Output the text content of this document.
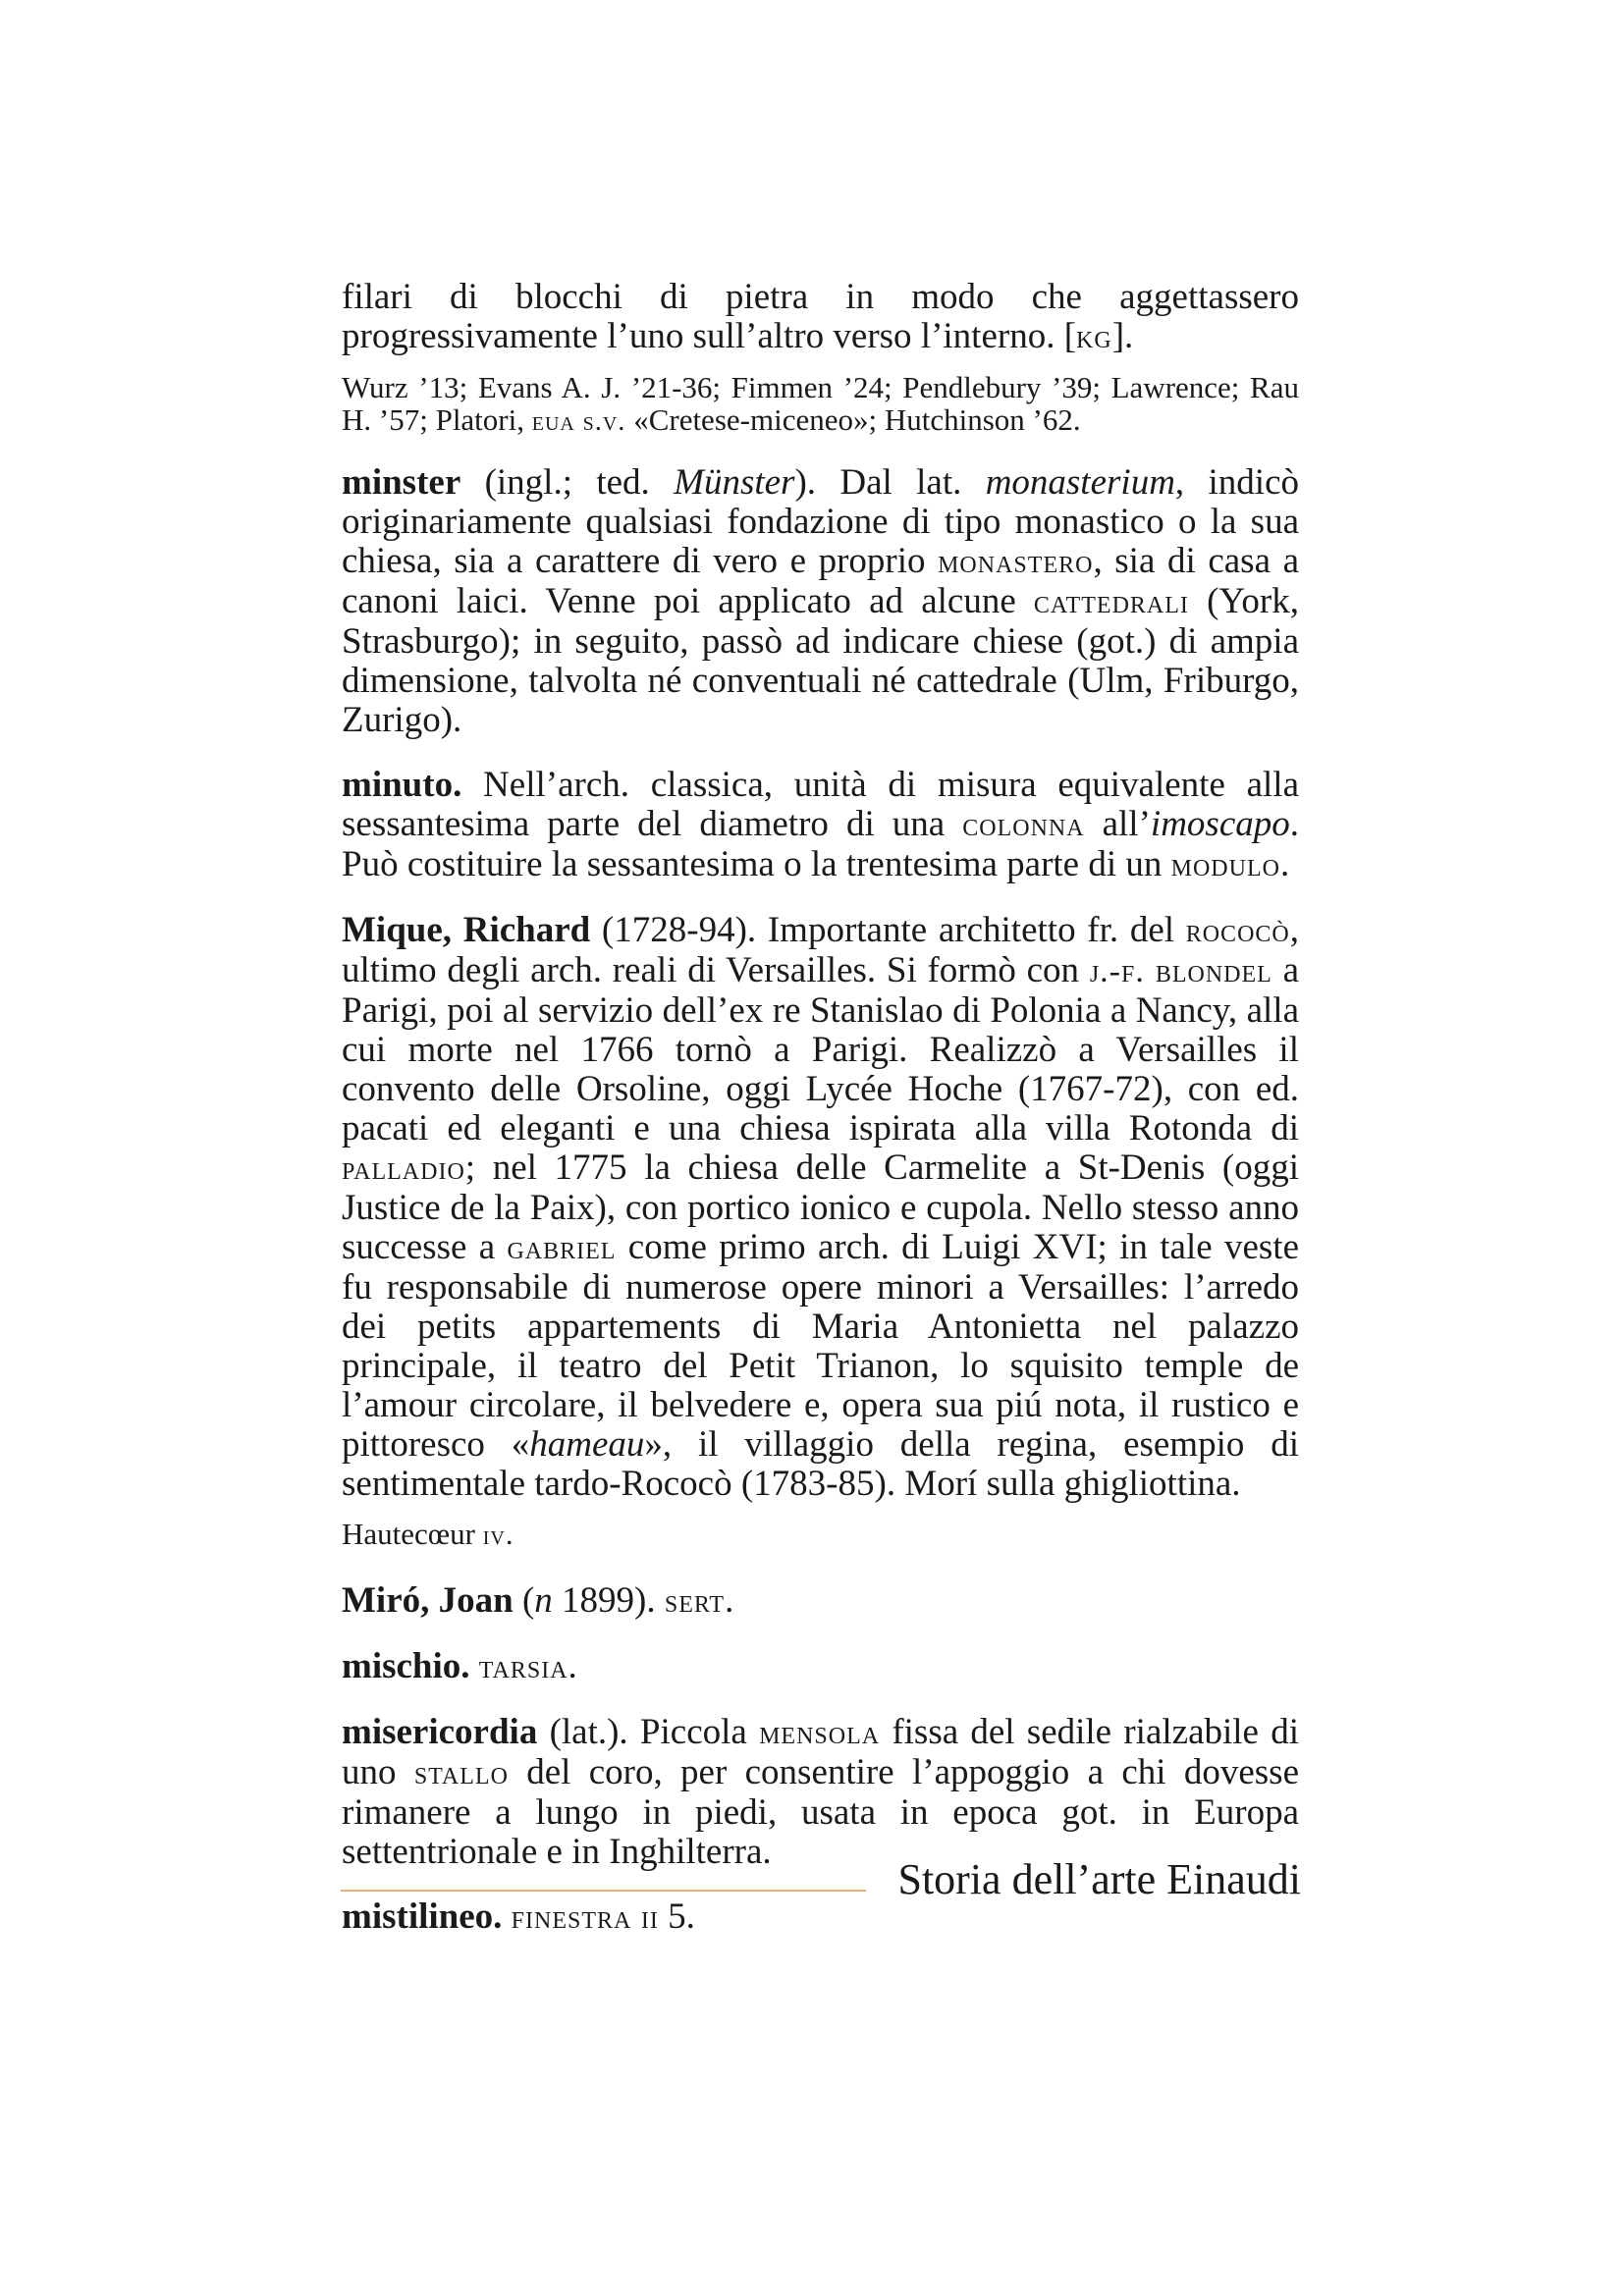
filari di blocchi di pietra in modo che aggettassero progressivamente l’uno sull’altro verso l’interno. [kg].

Wurz ’13; Evans A. J. ’21-36; Fimmen ’24; Pendlebury ’39; Lawrence; Rau H. ’57; Platori, eua s.v. «Cretese-miceneo»; Hutchinson ’62.

minster (ingl.; ted. Münster). Dal lat. monasterium, indicò originariamente qualsiasi fondazione di tipo monastico o la sua chiesa, sia a carattere di vero e proprio monastero, sia di casa a canoni laici. Venne poi applicato ad alcune cattedrali (York, Strasburgo); in seguito, passò ad indicare chiese (got.) di ampia dimensione, talvolta né conventuali né cattedrale (Ulm, Friburgo, Zurigo).

minuto. Nell’arch. classica, unità di misura equivalente alla sessantesima parte del diametro di una colonna all’imoscapo. Può costituire la sessantesima o la trentesima parte di un modulo.

Mique, Richard (1728-94). Importante architetto fr. del rococò, ultimo degli arch. reali di Versailles. Si formò con j.-f. blondel a Parigi, poi al servizio dell’ex re Stanislao di Polonia a Nancy, alla cui morte nel 1766 tornò a Parigi. Realizzò a Versailles il convento delle Orsoline, oggi Lycée Hoche (1767-72), con ed. pacati ed eleganti e una chiesa ispirata alla villa Rotonda di palladio; nel 1775 la chiesa delle Carmelite a St-Denis (oggi Justice de la Paix), con portico ionico e cupola. Nello stesso anno successe a gabriel come primo arch. di Luigi XVI; in tale veste fu responsabile di numerose opere minori a Versailles: l’arredo dei petits appartements di Maria Antonietta nel palazzo principale, il teatro del Petit Trianon, lo squisito temple de l’amour circolare, il belvedere e, opera sua piú nota, il rustico e pittoresco «hameau», il villaggio della regina, esempio di sentimentale tardo-Rococò (1783-85). Morí sulla ghigliottina.

Hautecœur iv.

Miró, Joan (n 1899). sert.

mischio. tarsia.

misericordia (lat.). Piccola mensola fissa del sedile rialzabile di uno stallo del coro, per consentire l’appoggio a chi dovesse rimanere a lungo in piedi, usata in epoca got. in Europa settentrionale e in Inghilterra.

mistilineo. finestra ii 5.

Storia dell’arte Einaudi
